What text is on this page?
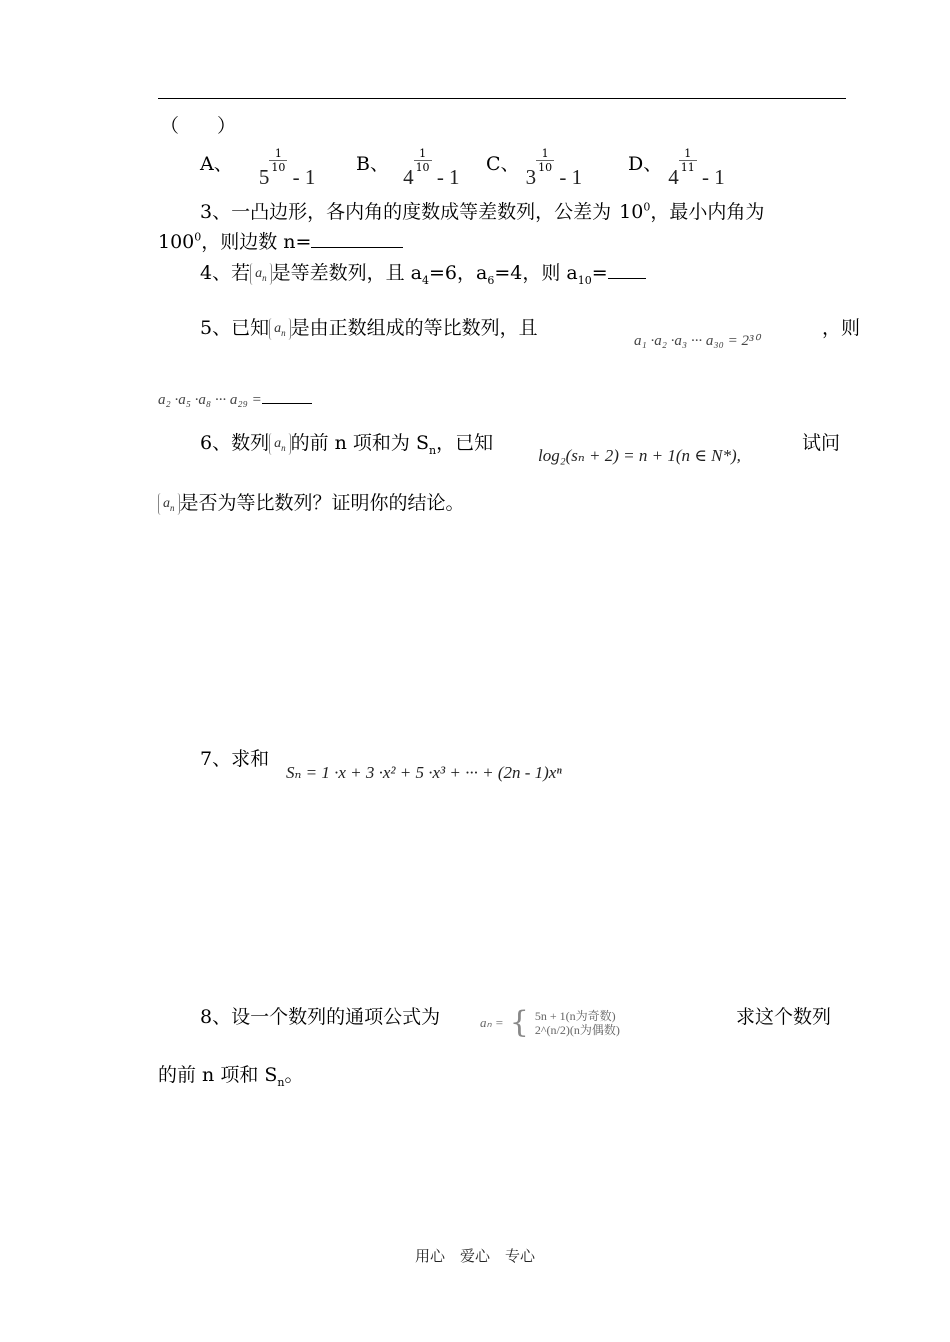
（　　）
A、  5
$\frac{1}{10}$
- 1
B、  4
$\frac{1}{10}$
- 1
C、 3
$\frac{1}{10}$
- 1
D、 4
$\frac{1}{11}$
- 1
3、一凸边形，各内角的度数成等差数列，公差为 $10^0$，最小内角为
$100^0$，则边数 n=
4、若 $a_n$ 是等差数列，且 $a_4=6$，$a_6=4$，则 $a_{10}=$
5、已知 $a_n$ 是由正数组成的等比数列，且
a₁ ·a₂ ·a₃ ··· a₃₀ = 2³⁰
，则
a₂ ·a₅ ·a₈ ··· a₂₉ =
6、数列 $a_n$ 的前 n 项和为 $S_n$，已知
log₂(sₙ + 2) = n + 1(n ∈ N*),
试问
$a_n$ 是否为等比数列？证明你的结论。
7、求和
Sₙ = 1 ·x + 3 ·x² + 5 ·x³ + ··· + (2n - 1)xⁿ
8、设一个数列的通项公式为	aₙ = { 5n + 1(n为奇数)
2^(n/2)(n为偶数)
求这个数列
的前 n 项和 $S_n$。
用心　爱心　专心
